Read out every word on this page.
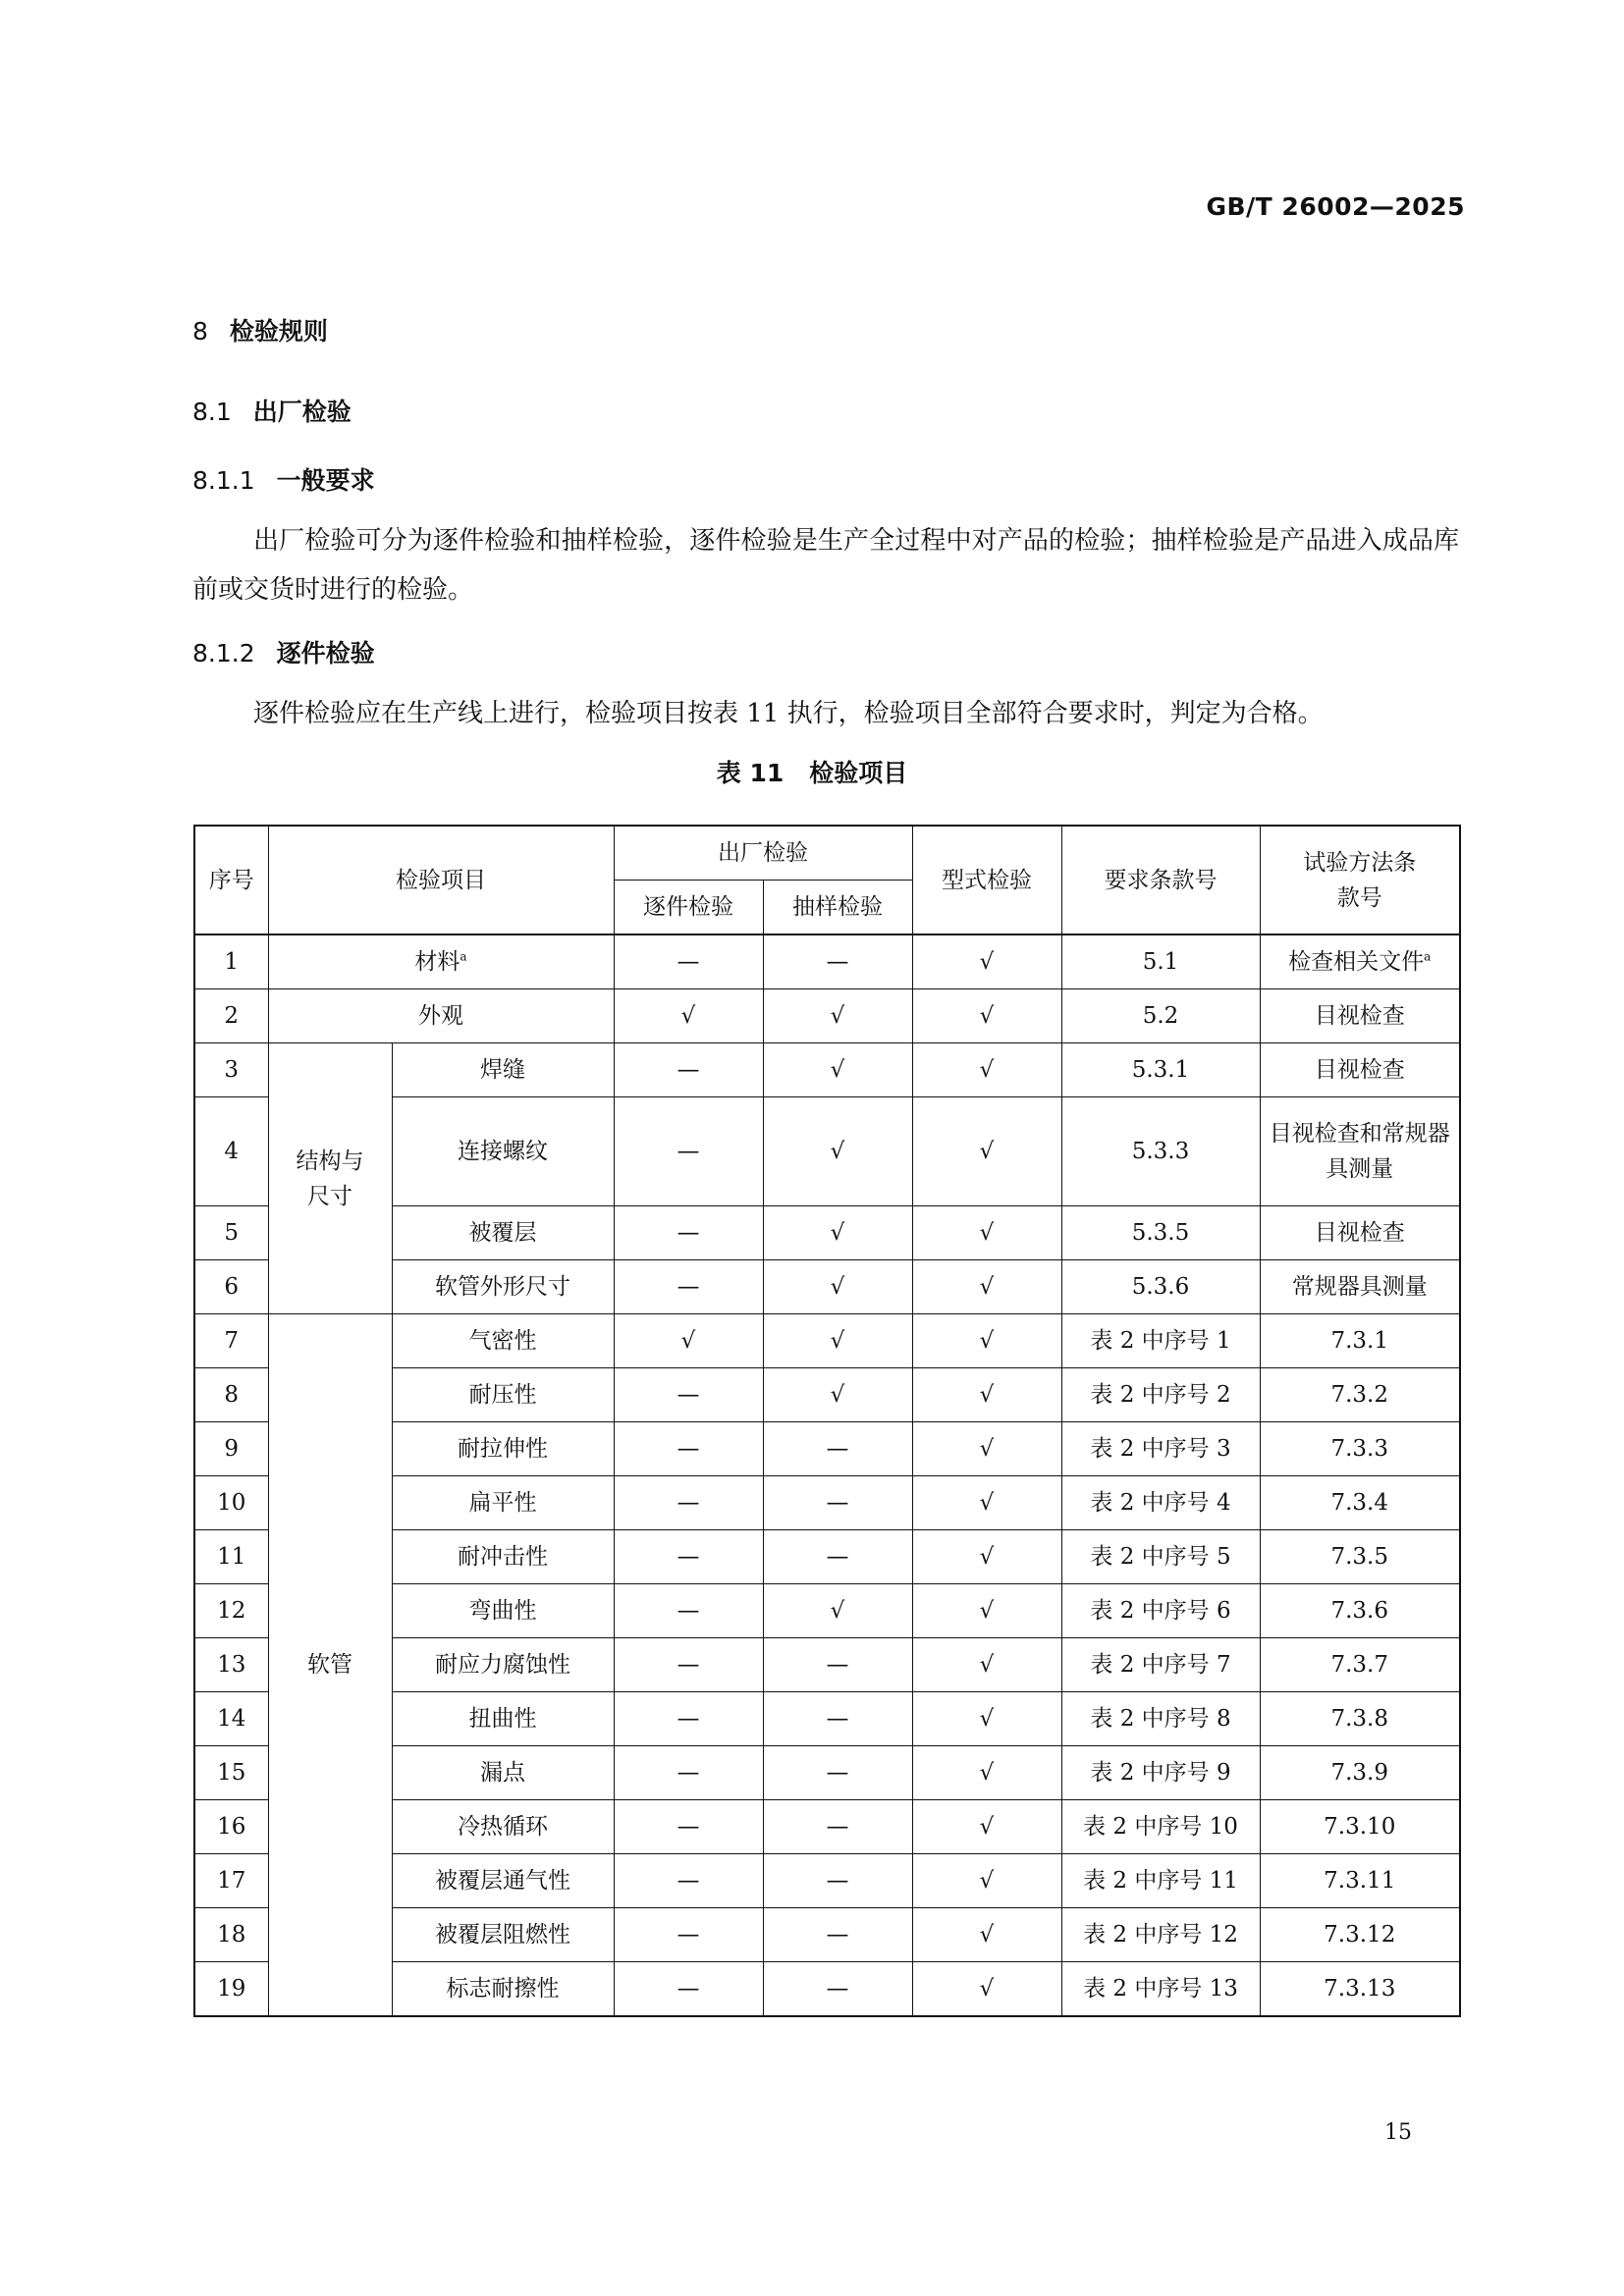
GB/T 26002—2025
8 检验规则
8.1 出厂检验
8.1.1 一般要求
出厂检验可分为逐件检验和抽样检验，逐件检验是生产全过程中对产品的检验；抽样检验是产品进入成品库前或交货时进行的检验。
8.1.2 逐件检验
逐件检验应在生产线上进行，检验项目按表 11 执行，检验项目全部符合要求时，判定为合格。
表 11 检验项目
序号	检验项目		出厂检验		型式检验	要求条款号	试验方法条款号
			逐件检验	抽样检验			
1	材料$^a$		—	—	√	5.1	检查相关文件$^a$
2	外观		√	√	√	5.2	目视检查
3	结构与尺寸	焊缝	—	√	√	5.3.1	目视检查
4		连接螺纹	—	√	√	5.3.3	目视检查和常规器具测量
5		被覆层	—	√	√	5.3.5	目视检查
6		软管外形尺寸	—	√	√	5.3.6	常规器具测量
7	软管	气密性	√	√	√	表 2 中序号 1	7.3.1
8		耐压性	—	√	√	表 2 中序号 2	7.3.2
9		耐拉伸性	—	—	√	表 2 中序号 3	7.3.3
10		扁平性	—	—	√	表 2 中序号 4	7.3.4
11		耐冲击性	—	—	√	表 2 中序号 5	7.3.5
12		弯曲性	—	√	√	表 2 中序号 6	7.3.6
13		耐应力腐蚀性	—	—	√	表 2 中序号 7	7.3.7
14		扭曲性	—	—	√	表 2 中序号 8	7.3.8
15		漏点	—	—	√	表 2 中序号 9	7.3.9
16		冷热循环	—	—	√	表 2 中序号 10	7.3.10
17		被覆层通气性	—	—	√	表 2 中序号 11	7.3.11
18		被覆层阻燃性	—	—	√	表 2 中序号 12	7.3.12
19		标志耐擦性	—	—	√	表 2 中序号 13	7.3.13
15
